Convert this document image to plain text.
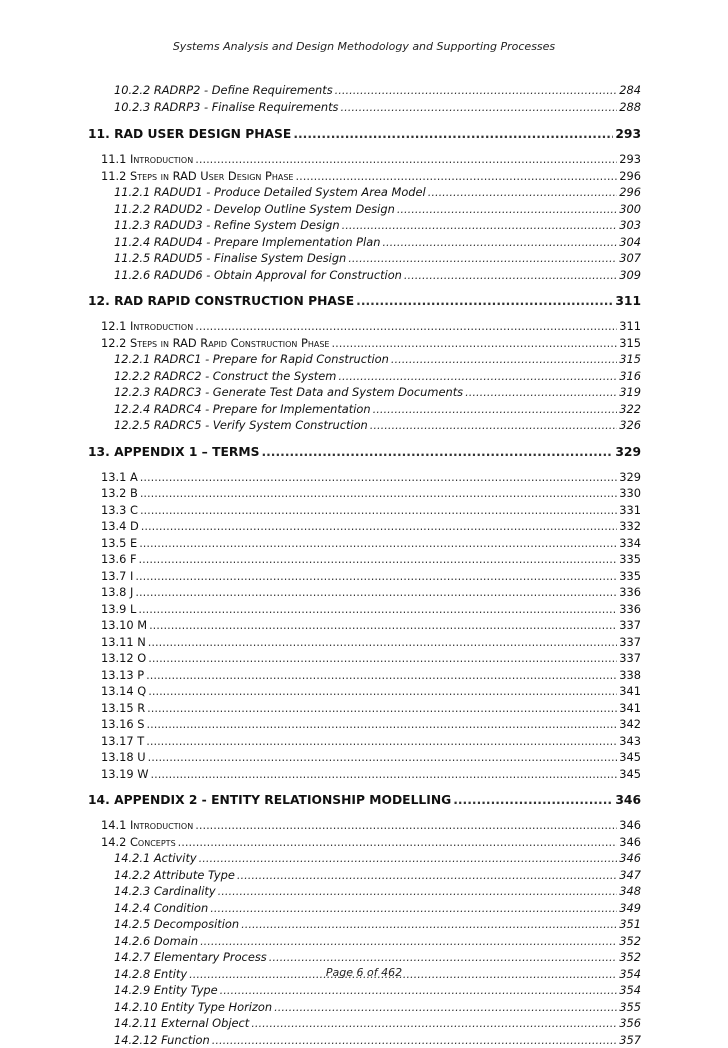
Systems Analysis and Design Methodology and Supporting Processes
10.2.2 RADRP2 - Define Requirements .....	284
10.2.3 RADRP3 - Finalise Requirements .....	288
11. RAD USER DESIGN PHASE .....	293
11.1 Introduction .....	293
11.2 Steps in RAD User Design Phase .....	296
11.2.1 RADUD1 - Produce Detailed System Area Model .....	296
11.2.2 RADUD2 - Develop Outline System Design .....	300
11.2.3 RADUD3 - Refine System Design .....	303
11.2.4 RADUD4 - Prepare Implementation Plan .....	304
11.2.5 RADUD5 - Finalise System Design .....	307
11.2.6 RADUD6 - Obtain Approval for Construction .....	309
12. RAD RAPID CONSTRUCTION PHASE .....	311
12.1 Introduction .....	311
12.2 Steps in RAD Rapid Construction Phase .....	315
12.2.1 RADRC1 - Prepare for Rapid Construction .....	315
12.2.2 RADRC2 - Construct the System .....	316
12.2.3 RADRC3 - Generate Test Data and System Documents .....	319
12.2.4 RADRC4 - Prepare for Implementation .....	322
12.2.5 RADRC5 - Verify System Construction .....	326
13. APPENDIX 1 – TERMS .....	329
13.1 A .....	329
13.2 B .....	330
13.3 C .....	331
13.4 D .....	332
13.5 E .....	334
13.6 F .....	335
13.7 I .....	335
13.8 J .....	336
13.9 L .....	336
13.10 M .....	337
13.11 N .....	337
13.12 O .....	337
13.13 P .....	338
13.14 Q .....	341
13.15 R .....	341
13.16 S .....	342
13.17 T .....	343
13.18 U .....	345
13.19 W .....	345
14. APPENDIX 2 - ENTITY RELATIONSHIP MODELLING .....	346
14.1 Introduction .....	346
14.2 Concepts .....	346
14.2.1 Activity .....	346
14.2.2 Attribute Type .....	347
14.2.3 Cardinality .....	348
14.2.4 Condition .....	349
14.2.5 Decomposition .....	351
14.2.6 Domain .....	352
14.2.7 Elementary Process .....	352
14.2.8 Entity .....	354
14.2.9 Entity Type .....	354
14.2.10 Entity Type Horizon .....	355
14.2.11 External Object .....	356
14.2.12 Function .....	357
Page 6 of 462
